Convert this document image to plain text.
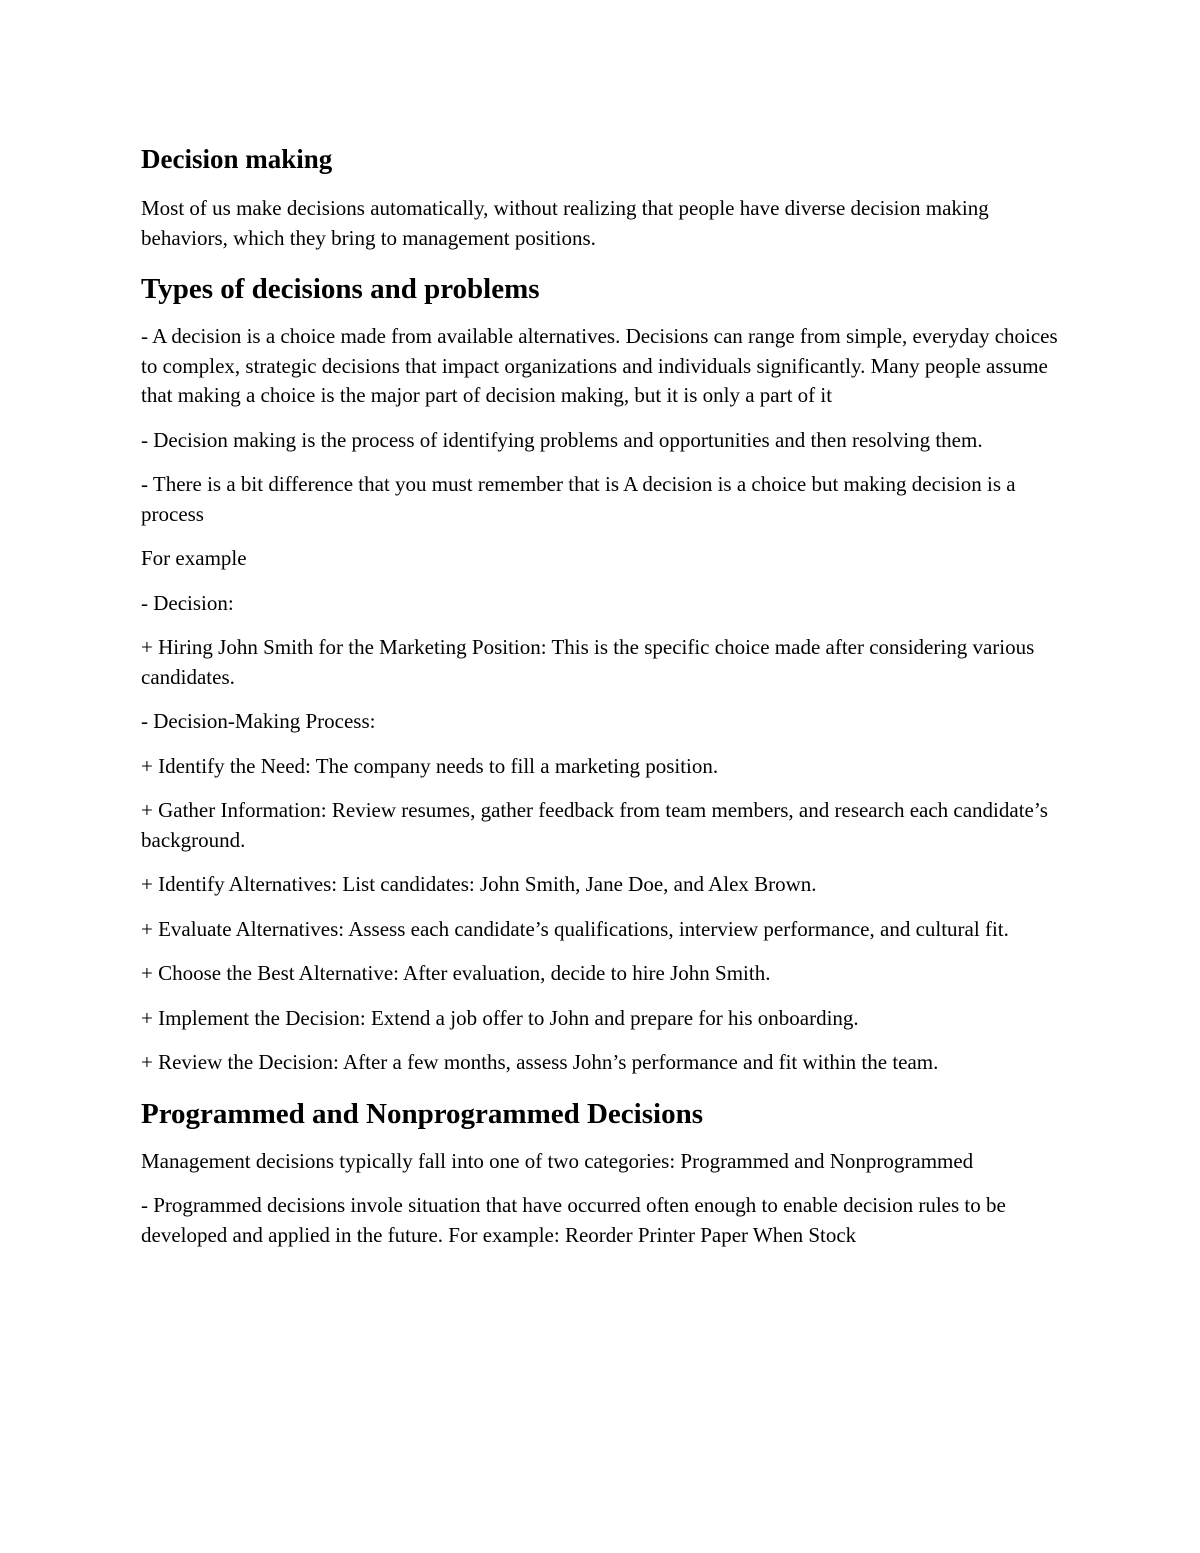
Decision making

Most of us make decisions automatically, without realizing that people have diverse decision making behaviors, which they bring to management positions.

Types of decisions and problems

- A decision is a choice made from available alternatives. Decisions can range from simple, everyday choices to complex, strategic decisions that impact organizations and individuals significantly. Many people assume that making a choice is the major part of decision making, but it is only a part of it

- Decision making is the process of identifying problems and opportunities and then resolving them.

- There is a bit difference that you must remember that is A decision is a choice but making decision is a process

For example

- Decision:

+ Hiring John Smith for the Marketing Position: This is the specific choice made after considering various candidates.

- Decision-Making Process:

+ Identify the Need: The company needs to fill a marketing position.

+ Gather Information: Review resumes, gather feedback from team members, and research each candidate’s background.

+ Identify Alternatives: List candidates: John Smith, Jane Doe, and Alex Brown.

+ Evaluate Alternatives: Assess each candidate’s qualifications, interview performance, and cultural fit.

+ Choose the Best Alternative: After evaluation, decide to hire John Smith.

+ Implement the Decision: Extend a job offer to John and prepare for his onboarding.

+ Review the Decision: After a few months, assess John’s performance and fit within the team.

Programmed and Nonprogrammed Decisions

Management decisions typically fall into one of two categories: Programmed and Nonprogrammed

- Programmed decisions invole situation that have occurred often enough to enable decision rules to be developed and applied in the future. For example: Reorder Printer Paper When Stock
